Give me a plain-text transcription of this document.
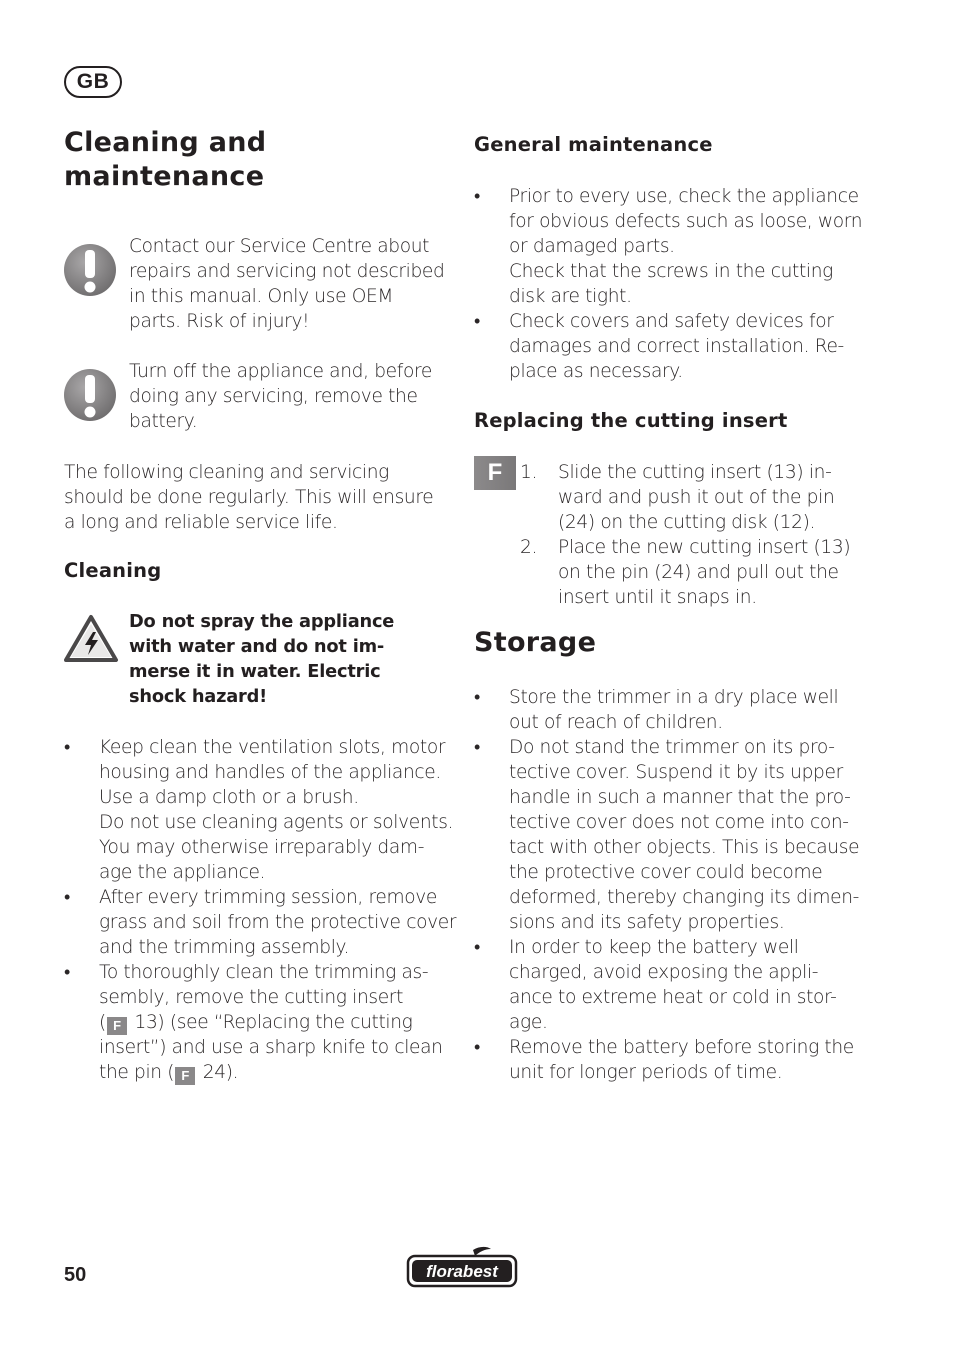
GB
Cleaning and
maintenance
Contact our Service Centre about
repairs and servicing not described
in this manual. Only use OEM
parts. Risk of injury!
Turn off the appliance and, before
doing any servicing, remove the
battery.
The following cleaning and servicing
should be done regularly. This will ensure
a long and reliable service life.
Cleaning
Do not spray the appliance
with water and do not im-
merse it in water. Electric
shock hazard!
• Keep clean the ventilation slots, motor
housing and handles of the appliance.
Use a damp cloth or a brush.
Do not use cleaning agents or solvents.
You may otherwise irreparably dam-
age the appliance.
• After every trimming session, remove
grass and soil from the protective cover
and the trimming assembly.
• To thoroughly clean the trimming as-
sembly, remove the cutting insert
( F 13) (see “Replacing the cutting
insert”) and use a sharp knife to clean
the pin ( F 24).
General maintenance
• Prior to every use, check the appliance
for obvious defects such as loose, worn
or damaged parts.
Check that the screws in the cutting
disk are tight.
• Check covers and safety devices for
damages and correct installation. Re-
place as necessary.
Replacing the cutting insert
F 1. Slide the cutting insert (13) in-
ward and push it out of the pin
(24) on the cutting disk (12).
2. Place the new cutting insert (13)
on the pin (24) and pull out the
insert until it snaps in.
Storage
• Store the trimmer in a dry place well
out of reach of children.
• Do not stand the trimmer on its pro-
tective cover. Suspend it by its upper
handle in such a manner that the pro-
tective cover does not come into con-
tact with other objects. This is because
the protective cover could become
deformed, thereby changing its dimen-
sions and its safety properties.
• In order to keep the battery well
charged, avoid exposing the appli-
ance to extreme heat or cold in stor-
age.
• Remove the battery before storing the
unit for longer periods of time.
50	florabest
